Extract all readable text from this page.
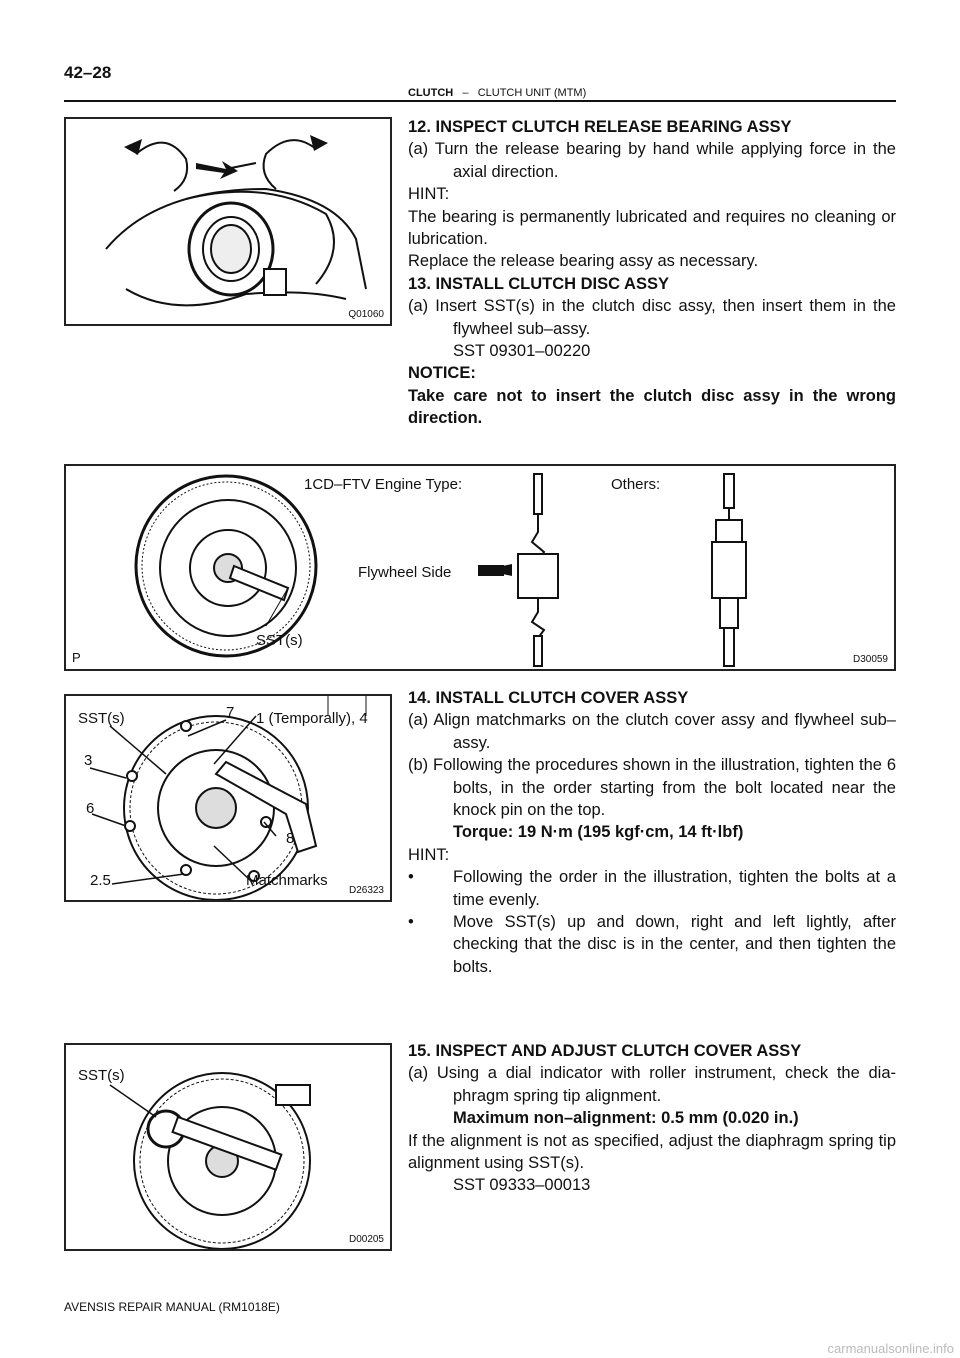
42–28
CLUTCH – CLUTCH UNIT (MTM)
Q01060

12. INSPECT CLUTCH RELEASE BEARING ASSY

(a) Turn the release bearing by hand while applying force in the axial direction.

HINT:

The bearing is permanently lubricated and requires no cleaning or lubrication.

Replace the release bearing assy as necessary.

13. INSTALL CLUTCH DISC ASSY

(a) Insert SST(s) in the clutch disc assy, then insert them in the flywheel sub–assy.

SST 09301–00220

NOTICE:

Take care not to insert the clutch disc assy in the wrong direction.

1CD–FTV Engine Type:	Others:
Flywheel Side
SST(s)
P	D30059
SST(s)	7 1 (Temporally), 4
3
6
8
2.5	Matchmarks
D26323

14. INSTALL CLUTCH COVER ASSY

(a) Align matchmarks on the clutch cover assy and flywheel sub–assy.

(b) Following the procedures shown in the illustration, tighten the 6 bolts, in the order starting from the bolt located near the knock pin on the top.

Torque: 19 N·m (195 kgf·cm, 14 ft·lbf)

HINT:

• Following the order in the illustration, tighten the bolts at a time evenly.

• Move SST(s) up and down, right and left lightly, after checking that the disc is in the center, and then tighten the bolts.

SST(s)
D00205

15. INSPECT AND ADJUST CLUTCH COVER ASSY

(a) Using a dial indicator with roller instrument, check the dia- phragm spring tip alignment.

Maximum non–alignment: 0.5 mm (0.020 in.)

If the alignment is not as specified, adjust the diaphragm spring tip alignment using SST(s).

SST 09333–00013

AVENSIS REPAIR MANUAL (RM1018E)
carmanualsonline.info
